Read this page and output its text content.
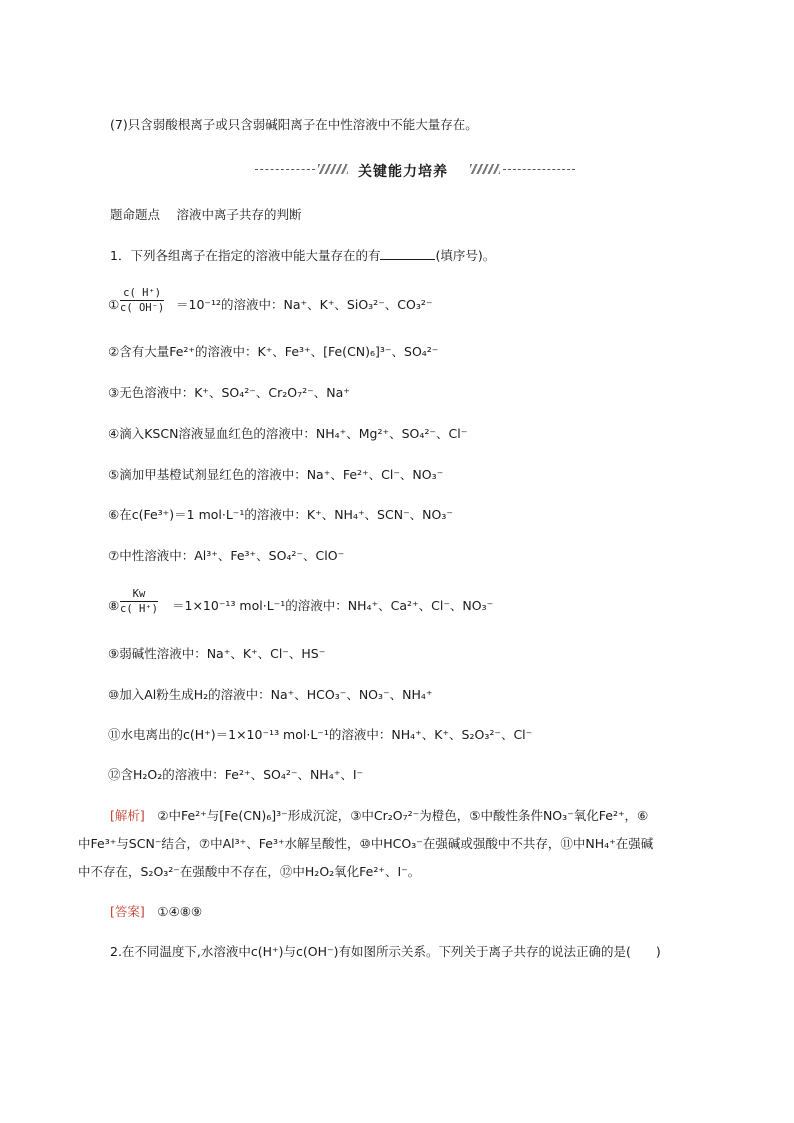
(7)只含弱酸根离子或只含弱碱阳离子在中性溶液中不能大量存在。
关键能力培养
题命题点　 溶液中离子共存的判断
1．下列各组离子在指定的溶液中能大量存在的有	(填序号)。
① $\frac{c( H^+)}{c( OH^-)} =10^{-12}$的溶液中：Na⁺、K⁺、SiO₃²⁻、CO₃²⁻
②含有大量Fe²⁺的溶液中：K⁺、Fe³⁺、[Fe(CN)₆]³⁻、SO₄²⁻
③无色溶液中：K⁺、SO₄²⁻、Cr₂O₇²⁻、Na⁺
④滴入KSCN溶液显血红色的溶液中：NH₄⁺、Mg²⁺、SO₄²⁻、Cl⁻
⑤滴加甲基橙试剂显红色的溶液中：Na⁺、Fe²⁺、Cl⁻、NO₃⁻
⑥在c(Fe³⁺)＝1 mol·L⁻¹的溶液中：K⁺、NH₄⁺、SCN⁻、NO₃⁻
⑦中性溶液中：Al³⁺、Fe³⁺、SO₄²⁻、ClO⁻
⑧ $\frac{Kw}{c( H^+)} =1\times 10^{-13}$ mol·L⁻¹的溶液中：NH₄⁺、Ca²⁺、Cl⁻、NO₃⁻
⑨弱碱性溶液中：Na⁺、K⁺、Cl⁻、HS⁻
⑩加入Al粉生成H₂的溶液中：Na⁺、HCO₃⁻、NO₃⁻、NH₄⁺
⑪水电离出的c(H⁺)＝1×10⁻¹³ mol·L⁻¹的溶液中：NH₄⁺、K⁺、S₂O₃²⁻、Cl⁻
⑫含H₂O₂的溶液中：Fe²⁺、SO₄²⁻、NH₄⁺、I⁻
[解析]　 ②中Fe²⁺与[Fe(CN)₆]³⁻形成沉淀，③中Cr₂O₇²⁻为橙色，⑤中酸性条件NO₃⁻氧化Fe²⁺，⑥
中Fe³⁺与SCN⁻结合，⑦中Al³⁺、Fe³⁺水解呈酸性，⑩中HCO₃⁻在强碱或强酸中不共存，⑪中NH₄⁺在强碱
中不存在，S₂O₃²⁻在强酸中不存在，⑫中H₂O₂氧化Fe²⁺、I⁻。
[答案]　 ①④⑧⑨
2.在不同温度下,水溶液中c(H⁺)与c(OH⁻)有如图所示关系。下列关于离子共存的说法正确的是(　　)
